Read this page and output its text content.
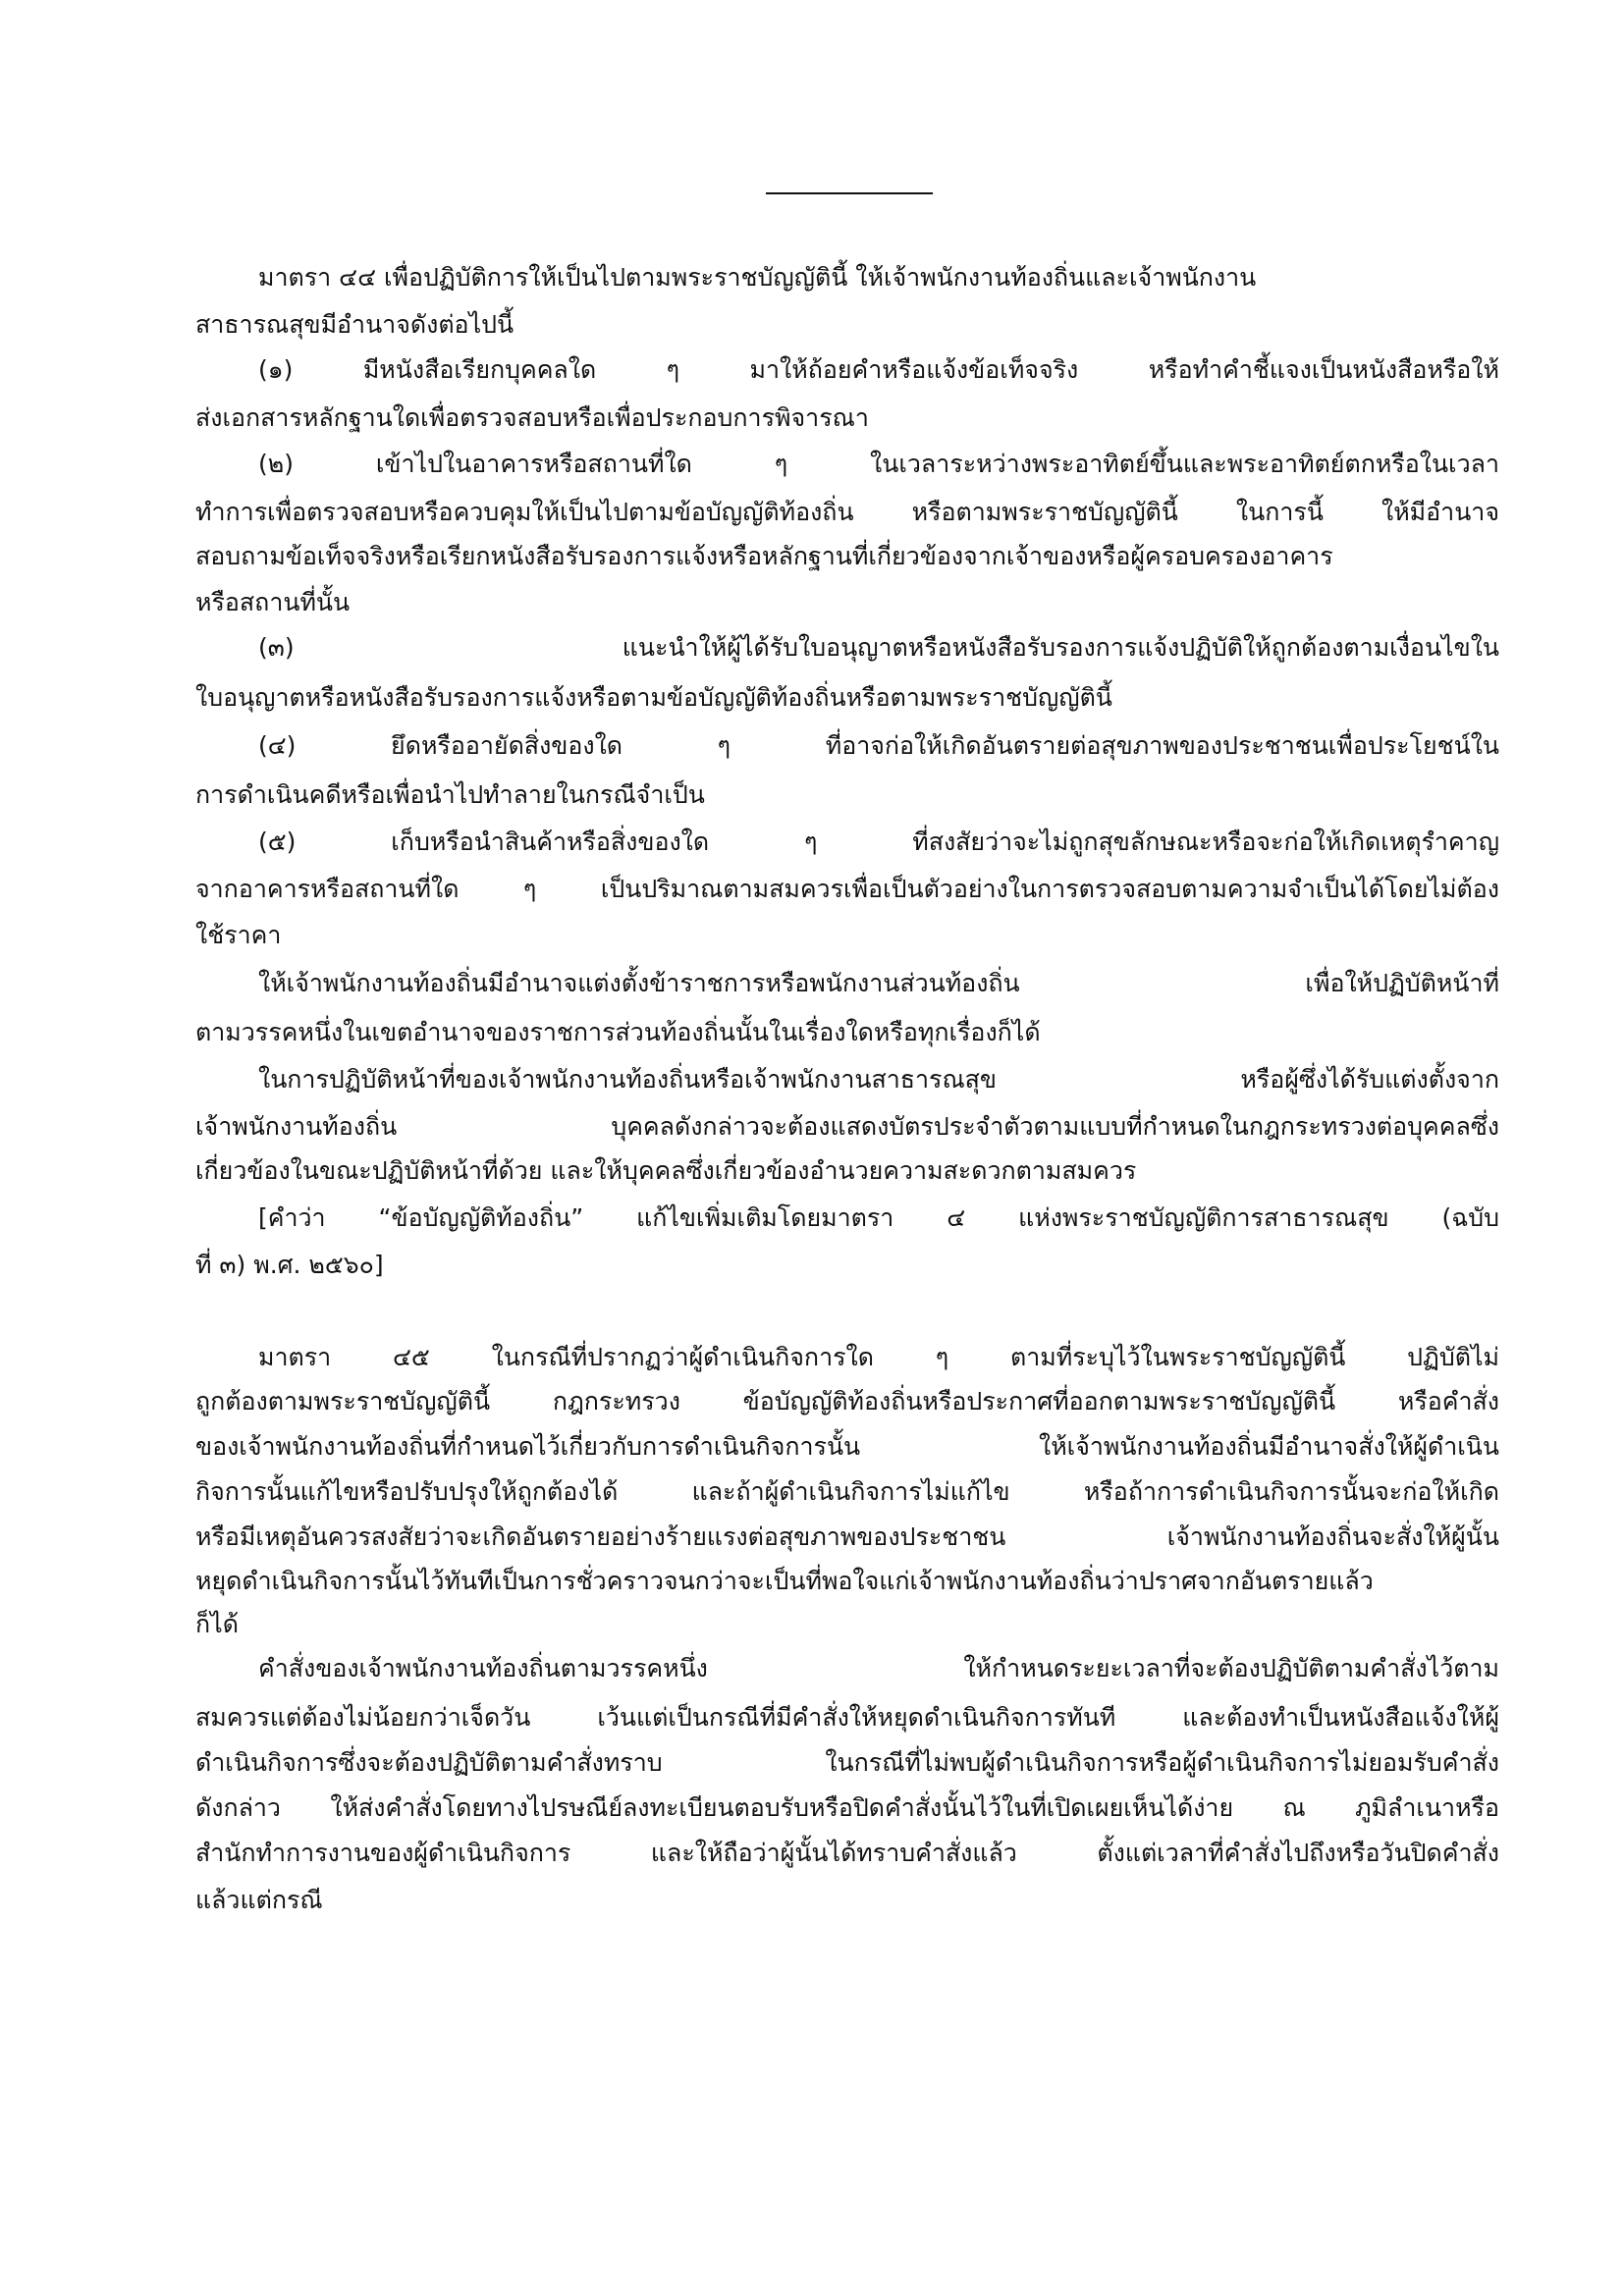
มาตรา ๔๔ เพื่อปฏิบัติการให้เป็นไปตามพระราชบัญญัตินี้ ให้เจ้าพนักงานท้องถิ่นและเจ้าพนักงาน
สาธารณสุขมีอำนาจดังต่อไปนี้
(๑) มีหนังสือเรียกบุคคลใด ๆ มาให้ถ้อยคำหรือแจ้งข้อเท็จจริง หรือทำคำชี้แจงเป็นหนังสือหรือให้
ส่งเอกสารหลักฐานใดเพื่อตรวจสอบหรือเพื่อประกอบการพิจารณา
(๒) เข้าไปในอาคารหรือสถานที่ใด ๆ ในเวลาระหว่างพระอาทิตย์ขึ้นและพระอาทิตย์ตกหรือในเวลา
ทำการเพื่อตรวจสอบหรือควบคุมให้เป็นไปตามข้อบัญญัติท้องถิ่น หรือตามพระราชบัญญัตินี้ ในการนี้ ให้มีอำนาจ
สอบถามข้อเท็จจริงหรือเรียกหนังสือรับรองการแจ้งหรือหลักฐานที่เกี่ยวข้องจากเจ้าของหรือผู้ครอบครองอาคาร
หรือสถานที่นั้น
(๓) แนะนำให้ผู้ได้รับใบอนุญาตหรือหนังสือรับรองการแจ้งปฏิบัติให้ถูกต้องตามเงื่อนไขใน
ใบอนุญาตหรือหนังสือรับรองการแจ้งหรือตามข้อบัญญัติท้องถิ่นหรือตามพระราชบัญญัตินี้
(๔) ยึดหรืออายัดสิ่งของใด ๆ ที่อาจก่อให้เกิดอันตรายต่อสุขภาพของประชาชนเพื่อประโยชน์ใน
การดำเนินคดีหรือเพื่อนำไปทำลายในกรณีจำเป็น
(๕) เก็บหรือนำสินค้าหรือสิ่งของใด ๆ ที่สงสัยว่าจะไม่ถูกสุขลักษณะหรือจะก่อให้เกิดเหตุรำคาญ
จากอาคารหรือสถานที่ใด ๆ เป็นปริมาณตามสมควรเพื่อเป็นตัวอย่างในการตรวจสอบตามความจำเป็นได้โดยไม่ต้อง
ใช้ราคา
ให้เจ้าพนักงานท้องถิ่นมีอำนาจแต่งตั้งข้าราชการหรือพนักงานส่วนท้องถิ่น เพื่อให้ปฏิบัติหน้าที่
ตามวรรคหนึ่งในเขตอำนาจของราชการส่วนท้องถิ่นนั้นในเรื่องใดหรือทุกเรื่องก็ได้
ในการปฏิบัติหน้าที่ของเจ้าพนักงานท้องถิ่นหรือเจ้าพนักงานสาธารณสุข หรือผู้ซึ่งได้รับแต่งตั้งจาก
เจ้าพนักงานท้องถิ่น บุคคลดังกล่าวจะต้องแสดงบัตรประจำตัวตามแบบที่กำหนดในกฎกระทรวงต่อบุคคลซึ่ง
เกี่ยวข้องในขณะปฏิบัติหน้าที่ด้วย และให้บุคคลซึ่งเกี่ยวข้องอำนวยความสะดวกตามสมควร
[คำว่า “ข้อบัญญัติท้องถิ่น” แก้ไขเพิ่มเติมโดยมาตรา ๔ แห่งพระราชบัญญัติการสาธารณสุข (ฉบับ
ที่ ๓) พ.ศ. ๒๕๖๐]
มาตรา ๔๕ ในกรณีที่ปรากฏว่าผู้ดำเนินกิจการใด ๆ ตามที่ระบุไว้ในพระราชบัญญัตินี้ ปฏิบัติไม่
ถูกต้องตามพระราชบัญญัตินี้ กฎกระทรวง ข้อบัญญัติท้องถิ่นหรือประกาศที่ออกตามพระราชบัญญัตินี้ หรือคำสั่ง
ของเจ้าพนักงานท้องถิ่นที่กำหนดไว้เกี่ยวกับการดำเนินกิจการนั้น ให้เจ้าพนักงานท้องถิ่นมีอำนาจสั่งให้ผู้ดำเนิน
กิจการนั้นแก้ไขหรือปรับปรุงให้ถูกต้องได้ และถ้าผู้ดำเนินกิจการไม่แก้ไข หรือถ้าการดำเนินกิจการนั้นจะก่อให้เกิด
หรือมีเหตุอันควรสงสัยว่าจะเกิดอันตรายอย่างร้ายแรงต่อสุขภาพของประชาชน เจ้าพนักงานท้องถิ่นจะสั่งให้ผู้นั้น
หยุดดำเนินกิจการนั้นไว้ทันทีเป็นการชั่วคราวจนกว่าจะเป็นที่พอใจแก่เจ้าพนักงานท้องถิ่นว่าปราศจากอันตรายแล้ว
ก็ได้
คำสั่งของเจ้าพนักงานท้องถิ่นตามวรรคหนึ่ง ให้กำหนดระยะเวลาที่จะต้องปฏิบัติตามคำสั่งไว้ตาม
สมควรแต่ต้องไม่น้อยกว่าเจ็ดวัน เว้นแต่เป็นกรณีที่มีคำสั่งให้หยุดดำเนินกิจการทันที และต้องทำเป็นหนังสือแจ้งให้ผู้
ดำเนินกิจการซึ่งจะต้องปฏิบัติตามคำสั่งทราบ ในกรณีที่ไม่พบผู้ดำเนินกิจการหรือผู้ดำเนินกิจการไม่ยอมรับคำสั่ง
ดังกล่าว ให้ส่งคำสั่งโดยทางไปรษณีย์ลงทะเบียนตอบรับหรือปิดคำสั่งนั้นไว้ในที่เปิดเผยเห็นได้ง่าย ณ ภูมิลำเนาหรือ
สำนักทำการงานของผู้ดำเนินกิจการ และให้ถือว่าผู้นั้นได้ทราบคำสั่งแล้ว ตั้งแต่เวลาที่คำสั่งไปถึงหรือวันปิดคำสั่ง
แล้วแต่กรณี
